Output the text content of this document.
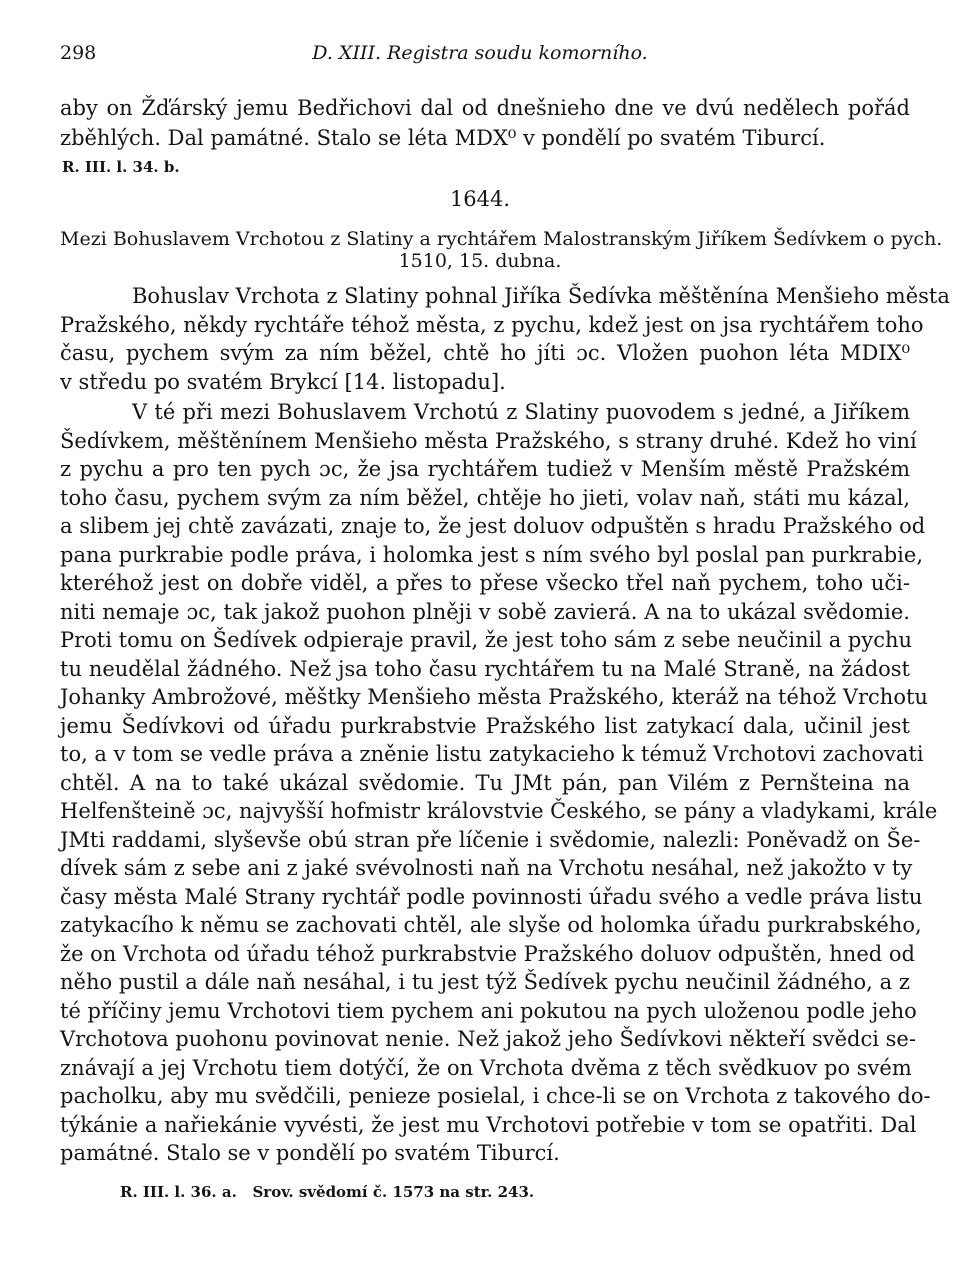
298	D. XIII. Registra soudu komorního.
aby on Žďárský jemu Bedřichovi dal od dnešnieho dne ve dvú nedělech pořád
zběhlých. Dal památné. Stalo se léta MDX⁰ v pondělí po svatém Tiburcí.
R. III. l. 34. b.
1644.
Mezi Bohuslavem Vrchotou z Slatiny a rychtářem Malostranským Jiříkem Šedívkem o pych.
1510, 15. dubna.
Bohuslav Vrchota z Slatiny pohnal Jiříka Šedívka měštěnína Menšieho města
Pražského, někdy rychtáře téhož města, z pychu, kdež jest on jsa rychtářem toho
času, pychem svým za ním běžel, chtě ho jíti ɔc. Vložen puohon léta MDIX⁰
v středu po svatém Brykcí [14. listopadu].
V té při mezi Bohuslavem Vrchotú z Slatiny puovodem s jedné, a Jiříkem
Šedívkem, měštěnínem Menšieho města Pražského, s strany druhé. Kdež ho viní
z pychu a pro ten pych ɔc, že jsa rychtářem tudiež v Menším městě Pražském
toho času, pychem svým za ním běžel, chtěje ho jieti, volav naň, státi mu kázal,
a slibem jej chtě zavázati, znaje to, že jest doluov odpuštěn s hradu Pražského od
pana purkrabie podle práva, i holomka jest s ním svého byl poslal pan purkrabie,
kteréhož jest on dobře viděl, a přes to přese všecko třel naň pychem, toho uči-
niti nemaje ɔc, tak jakož puohon plněji v sobě zavierá. A na to ukázal svědomie.
Proti tomu on Šedívek odpieraje pravil, že jest toho sám z sebe neučinil a pychu
tu neudělal žádného. Než jsa toho času rychtářem tu na Malé Straně, na žádost
Johanky Ambrožové, měštky Menšieho města Pražského, kteráž na téhož Vrchotu
jemu Šedívkovi od úřadu purkrabstvie Pražského list zatykací dala, učinil jest
to, a v tom se vedle práva a zněnie listu zatykacieho k témuž Vrchotovi zachovati
chtěl. A na to také ukázal svědomie. Tu JMt pán, pan Vilém z Pernšteina na
Helfenšteině ɔc, najvyšší hofmistr královstvie Českého, se pány a vladykami, krále
JMti raddami, slyševše obú stran pře líčenie i svědomie, nalezli: Poněvadž on Še-
dívek sám z sebe ani z jaké svévolnosti naň na Vrchotu nesáhal, než jakožto v ty
časy města Malé Strany rychtář podle povinnosti úřadu svého a vedle práva listu
zatykacího k němu se zachovati chtěl, ale slyše od holomka úřadu purkrabského,
že on Vrchota od úřadu téhož purkrabstvie Pražského doluov odpuštěn, hned od
něho pustil a dále naň nesáhal, i tu jest týž Šedívek pychu neučinil žádného, a z
té příčiny jemu Vrchotovi tiem pychem ani pokutou na pych uloženou podle jeho
Vrchotova puohonu povinovat nenie. Než jakož jeho Šedívkovi někteří svědci se-
znávají a jej Vrchotu tiem dotýčí, že on Vrchota dvěma z těch svědkuov po svém
pacholku, aby mu svědčili, penieze posielal, i chce-li se on Vrchota z takového do-
týkánie a nařiekánie vyvésti, že jest mu Vrchotovi potřebie v tom se opatřiti. Dal
památné. Stalo se v pondělí po svatém Tiburcí.
R. III. l. 36. a.   Srov. svědomí č. 1573 na str. 243.
